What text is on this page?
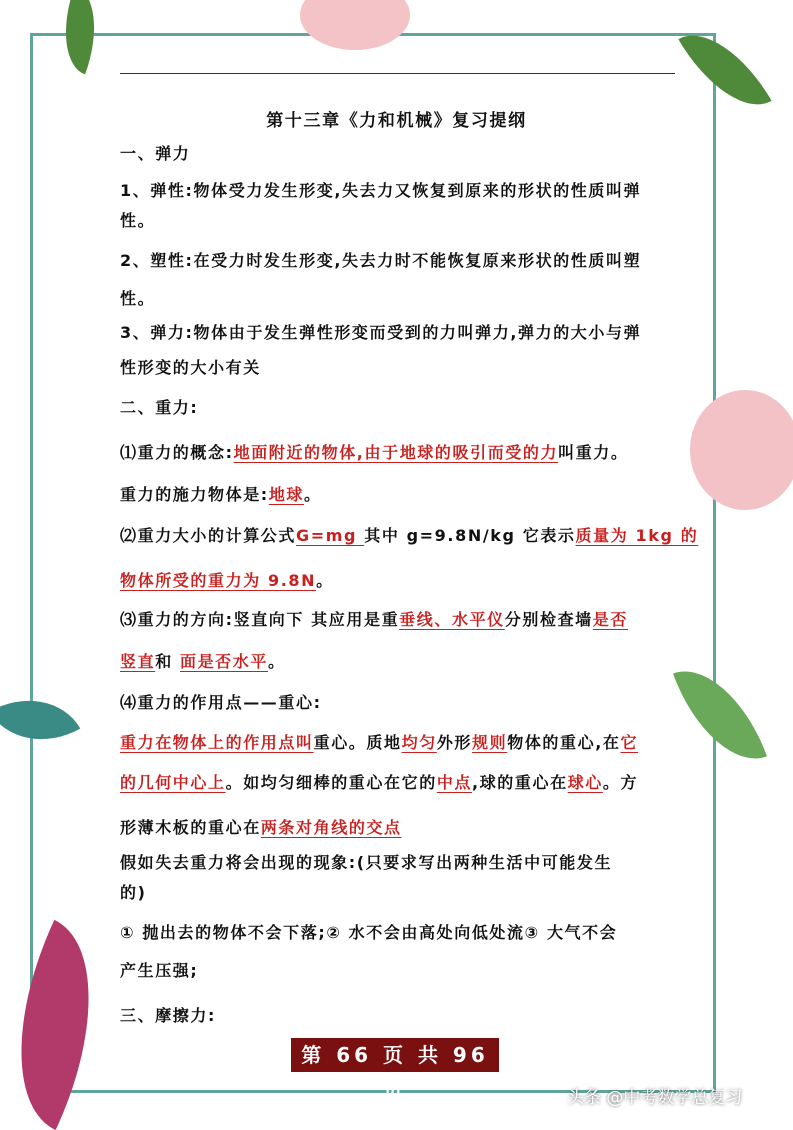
第十三章《力和机械》复习提纲
一、弹力
1、弹性:物体受力发生形变,失去力又恢复到原来的形状的性质叫弹
性。
2、塑性:在受力时发生形变,失去力时不能恢复原来形状的性质叫塑
性。
3、弹力:物体由于发生弹性形变而受到的力叫弹力,弹力的大小与弹
性形变的大小有关
二、重力:
⑴重力的概念:地面附近的物体,由于地球的吸引而受的力叫重力。
重力的施力物体是:地球。
⑵重力大小的计算公式G=mg 其中 g=9.8N/kg 它表示质量为 1kg 的
物体所受的重力为 9.8N。
⑶重力的方向:竖直向下 其应用是重垂线、水平仪分别检查墙是否
竖直和 面是否水平。
⑷重力的作用点——重心:
重力在物体上的作用点叫重心。质地均匀外形规则物体的重心,在它
的几何中心上。如均匀细棒的重心在它的中点,球的重心在球心。方
形薄木板的重心在两条对角线的交点
假如失去重力将会出现的现象:(只要求写出两种生活中可能发生
的)
① 抛出去的物体不会下落;② 水不会由高处向低处流③ 大气不会
产生压强;
三、摩擦力:
第 66 页 共 96 页	头条 @中考数学总复习
